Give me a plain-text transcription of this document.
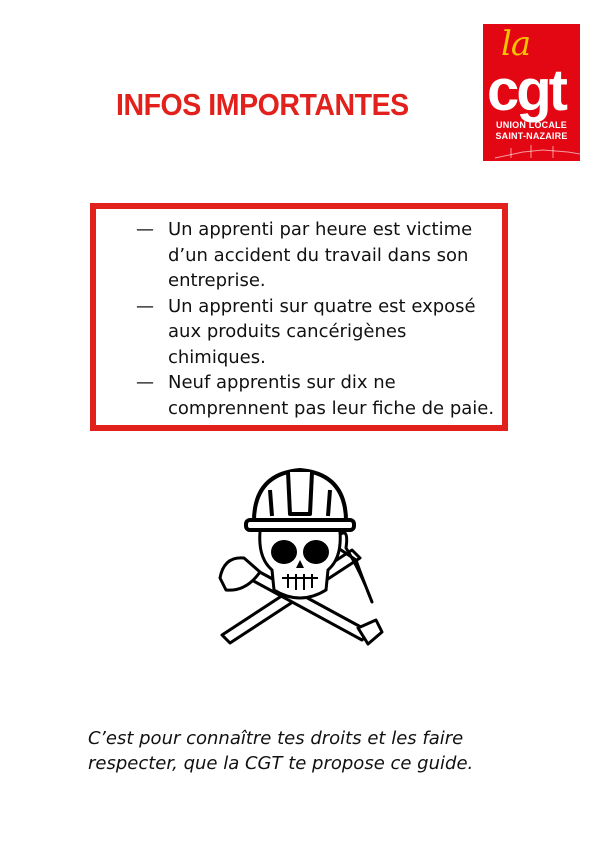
INFOS IMPORTANTES
la
cgt
UNION LOCALE
SAINT-NAZAIRE
— Un apprenti par heure est victime d’un accident du travail dans son entreprise.
— Un apprenti sur quatre est exposé aux produits cancérigènes chimiques.
— Neuf apprentis sur dix ne comprennent pas leur fiche de paie.

C’est pour connaître tes droits et les faire respecter, que la CGT te propose ce guide.
